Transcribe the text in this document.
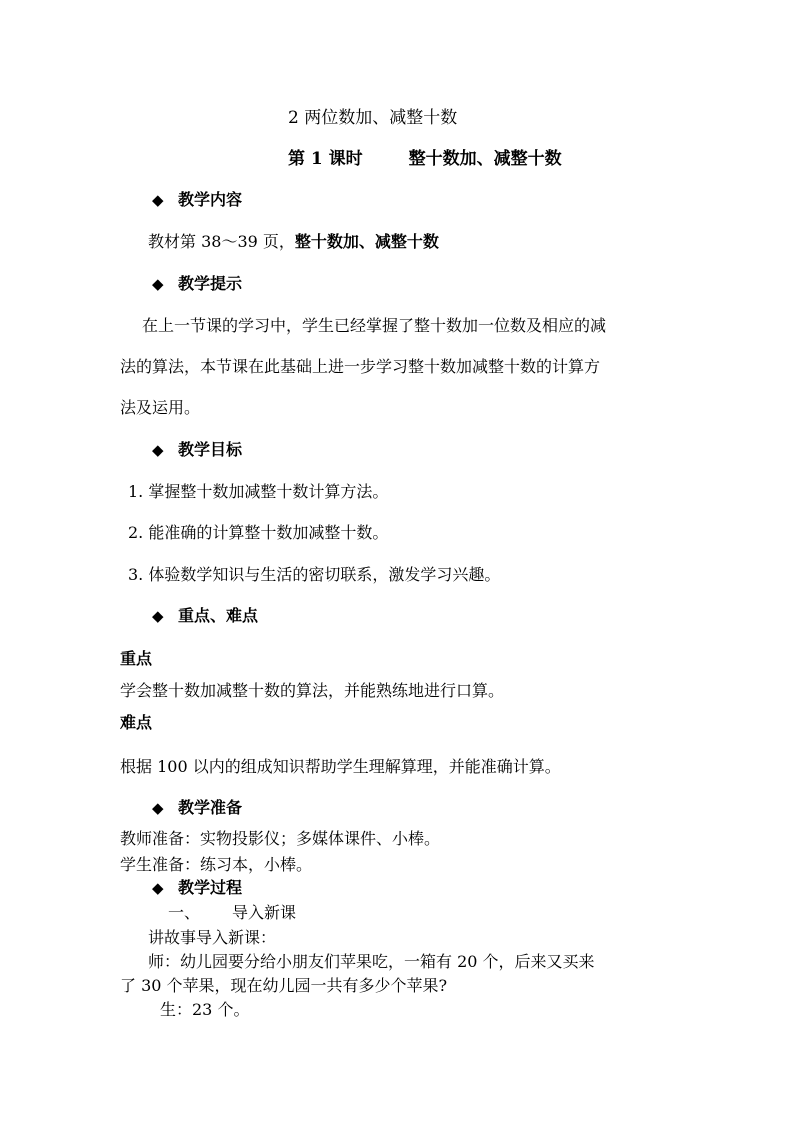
2 两位数加、减整十数
第 1 课时	整十数加、减整十数
◆ 教学内容
教材第 38～39 页，整十数加、减整十数
◆ 教学提示
在上一节课的学习中，学生已经掌握了整十数加一位数及相应的减
法的算法，本节课在此基础上进一步学习整十数加减整十数的计算方
法及运用。
◆ 教学目标
1. 掌握整十数加减整十数计算方法。
2. 能准确的计算整十数加减整十数。
3. 体验数学知识与生活的密切联系，激发学习兴趣。
◆ 重点、难点
重点
学会整十数加减整十数的算法，并能熟练地进行口算。
难点
根据 100 以内的组成知识帮助学生理解算理，并能准确计算。
◆ 教学准备
教师准备：实物投影仪；多媒体课件、小棒。
学生准备：练习本，小棒。
◆ 教学过程
一、 导入新课
讲故事导入新课：
师：幼儿园要分给小朋友们苹果吃，一箱有 20 个，后来又买来
了 30 个苹果，现在幼儿园一共有多少个苹果?
生：23 个。
